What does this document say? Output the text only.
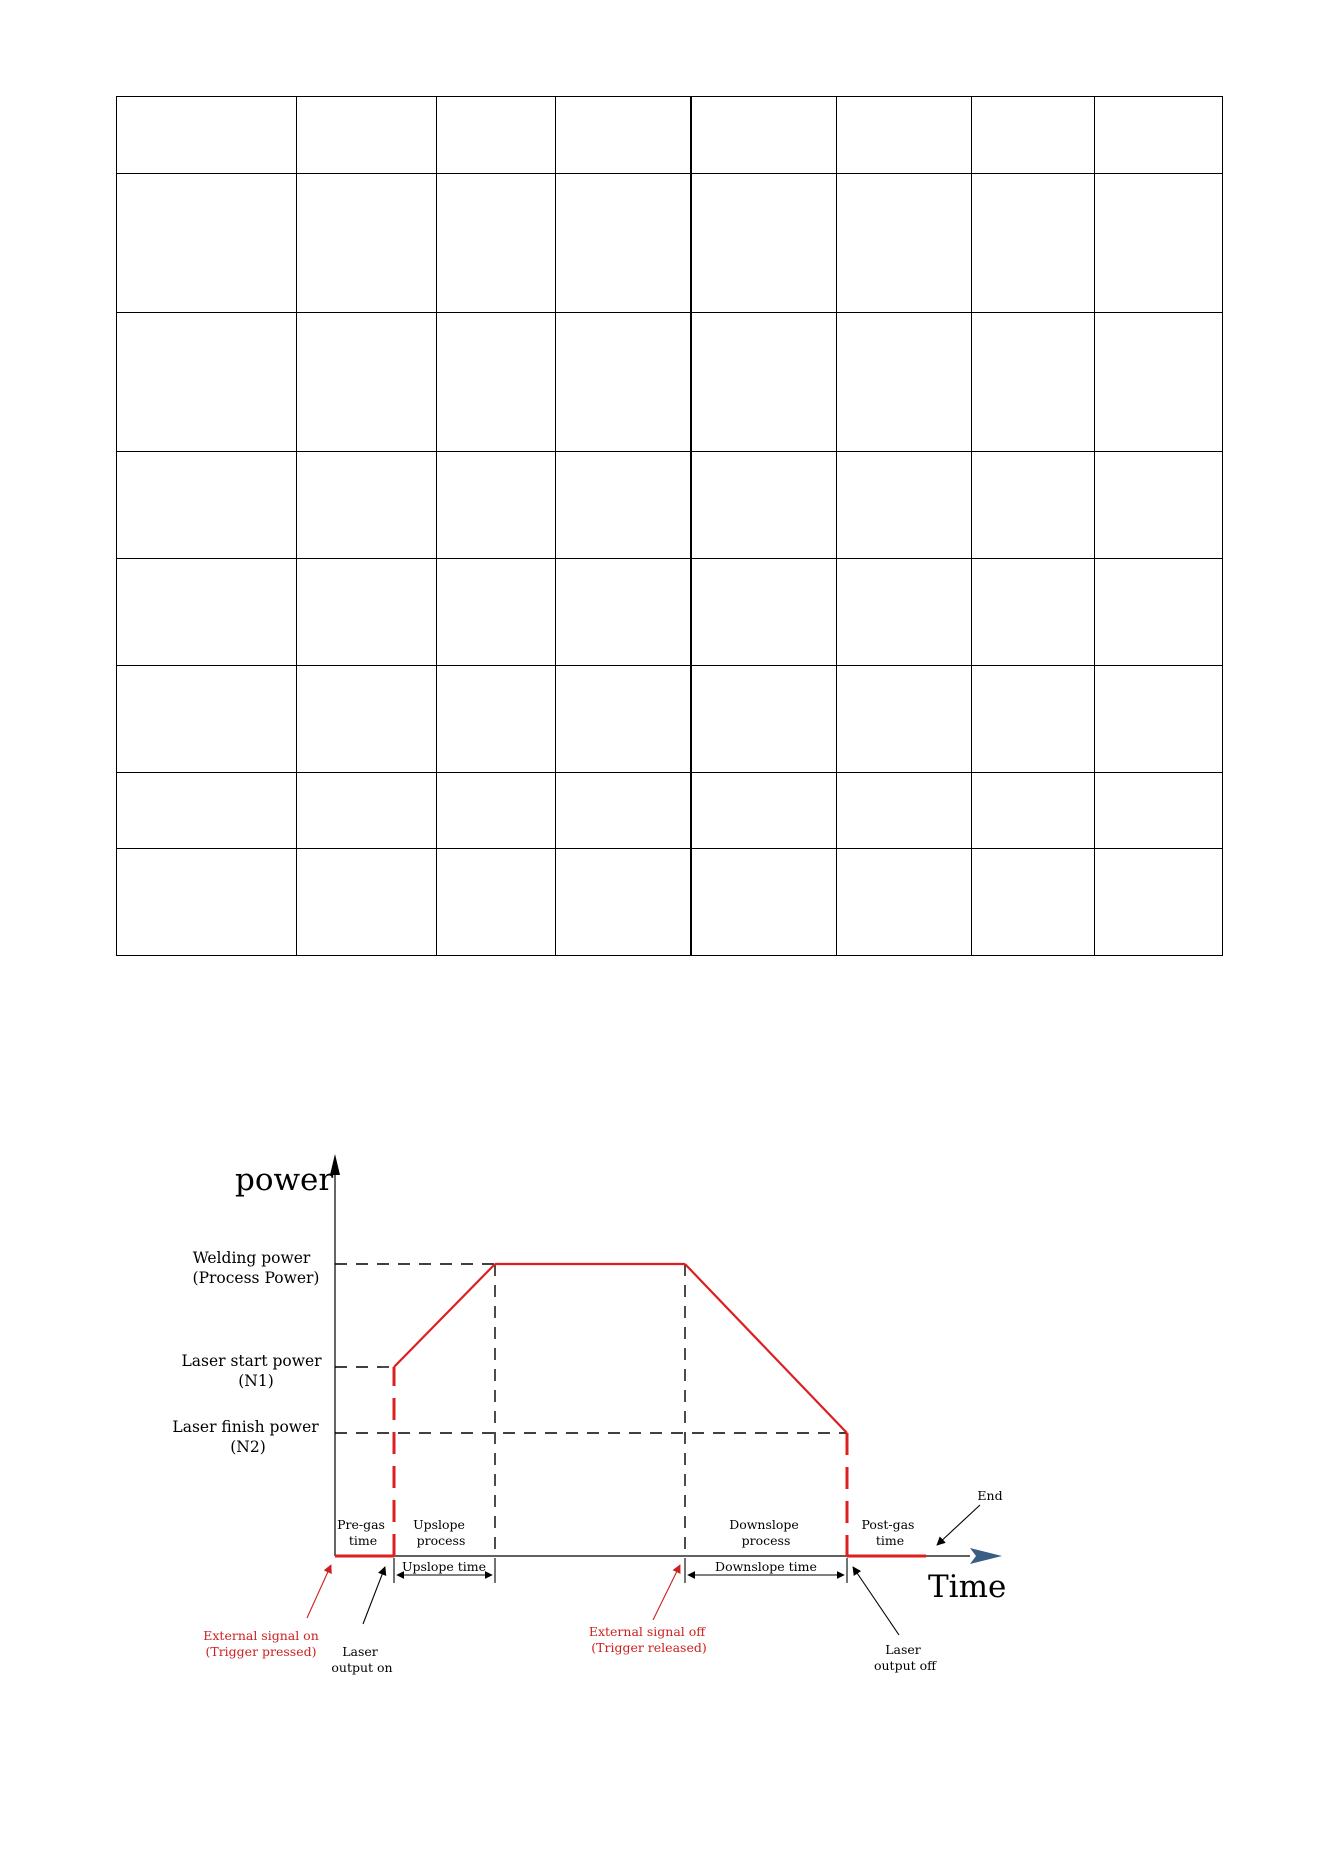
power
Time
Welding power (Process Power)
Laser start power (N1)
Laser finish power (N2)
Pre-gas time
Upslope process
Downslope process
Post-gas time
Upslope time	Downslope time
External signal on (Trigger pressed)	Laser output on
External signal off (Trigger released)	Laser output off
End
